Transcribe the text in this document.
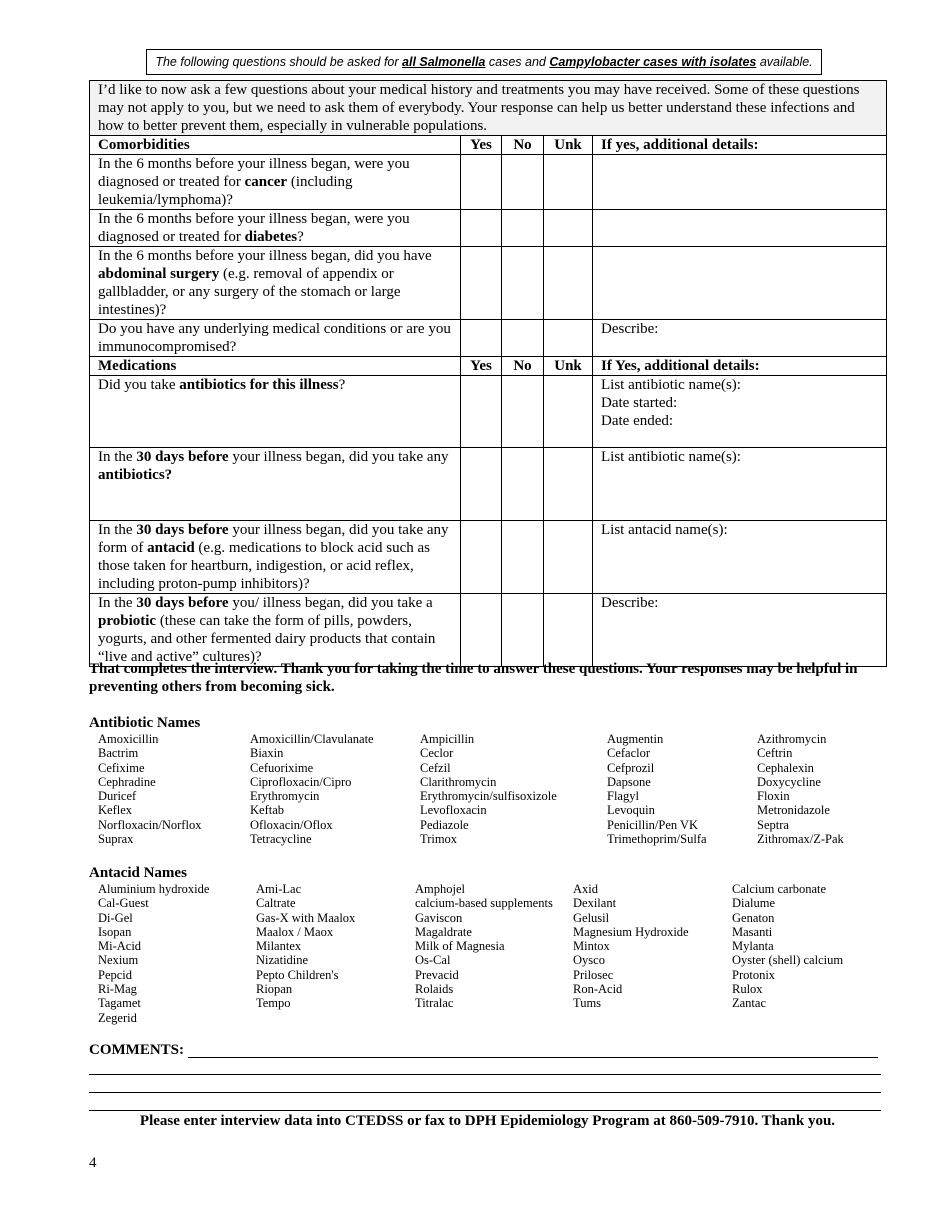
The following questions should be asked for all Salmonella cases and Campylobacter cases with isolates available.
I’d like to now ask a few questions about your medical history and treatments you may have received. Some of these questions may not apply to you, but we need to ask them of everybody. Your response can help us better understand these infections and how to better prevent them, especially in vulnerable populations.				
Comorbidities	Yes	No	Unk	If yes, additional details:
In the 6 months before your illness began, were you diagnosed or treated for cancer (including leukemia/lymphoma)?				
In the 6 months before your illness began, were you diagnosed or treated for diabetes?				
In the 6 months before your illness began, did you have abdominal surgery (e.g. removal of appendix or gallbladder, or any surgery of the stomach or large intestines)?				
Do you have any underlying medical conditions or are you immunocompromised?				Describe:
Medications	Yes	No	Unk	If Yes, additional details:
Did you take antibiotics for this illness?				List antibiotic name(s):
Date started:
Date ended:

In the 30 days before your illness began, did you take any antibiotics?				List antibiotic name(s):
In the 30 days before your illness began, did you take any form of antacid (e.g. medications to block acid such as those taken for heartburn, indigestion, or acid reflex, including proton-pump inhibitors)?				List antacid name(s):
In the 30 days before you/ illness began, did you take a probiotic (these can take the form of pills, powders, yogurts, and other fermented dairy products that contain “live and active” cultures)?				Describe:
That completes the interview. Thank you for taking the time to answer these questions. Your responses may be helpful in preventing others from becoming sick.
Antibiotic Names
Amoxicillin
Bactrim
Cefixime
Cephradine
Duricef
Keflex
Norfloxacin/Norflox
Suprax
Amoxicillin/Clavulanate
Biaxin
Cefuorixime
Ciprofloxacin/Cipro
Erythromycin
Keftab
Ofloxacin/Oflox
Tetracycline
Ampicillin
Ceclor
Cefzil
Clarithromycin
Erythromycin/sulfisoxizole
Levofloxacin
Pediazole
Trimox
Augmentin
Cefaclor
Cefprozil
Dapsone
Flagyl
Levoquin
Penicillin/Pen VK
Trimethoprim/Sulfa
Azithromycin
Ceftrin
Cephalexin
Doxycycline
Floxin
Metronidazole
Septra
Zithromax/Z-Pak
Antacid Names
Aluminium hydroxide
Cal-Guest
Di-Gel
Isopan
Mi-Acid
Nexium
Pepcid
Ri-Mag
Tagamet
Zegerid
Ami-Lac
Caltrate
Gas-X with Maalox
Maalox / Maox
Milantex
Nizatidine
Pepto Children's
Riopan
Tempo
Amphojel
calcium-based supplements
Gaviscon
Magaldrate
Milk of Magnesia
Os-Cal
Prevacid
Rolaids
Titralac
Axid
Dexilant
Gelusil
Magnesium Hydroxide
Mintox
Oysco
Prilosec
Ron-Acid
Tums
Calcium carbonate
Dialume
Genaton
Masanti
Mylanta
Oyster (shell) calcium
Protonix
Rulox
Zantac
COMMENTS:
Please enter interview data into CTEDSS or fax to DPH Epidemiology Program at 860-509-7910. Thank you.
4
